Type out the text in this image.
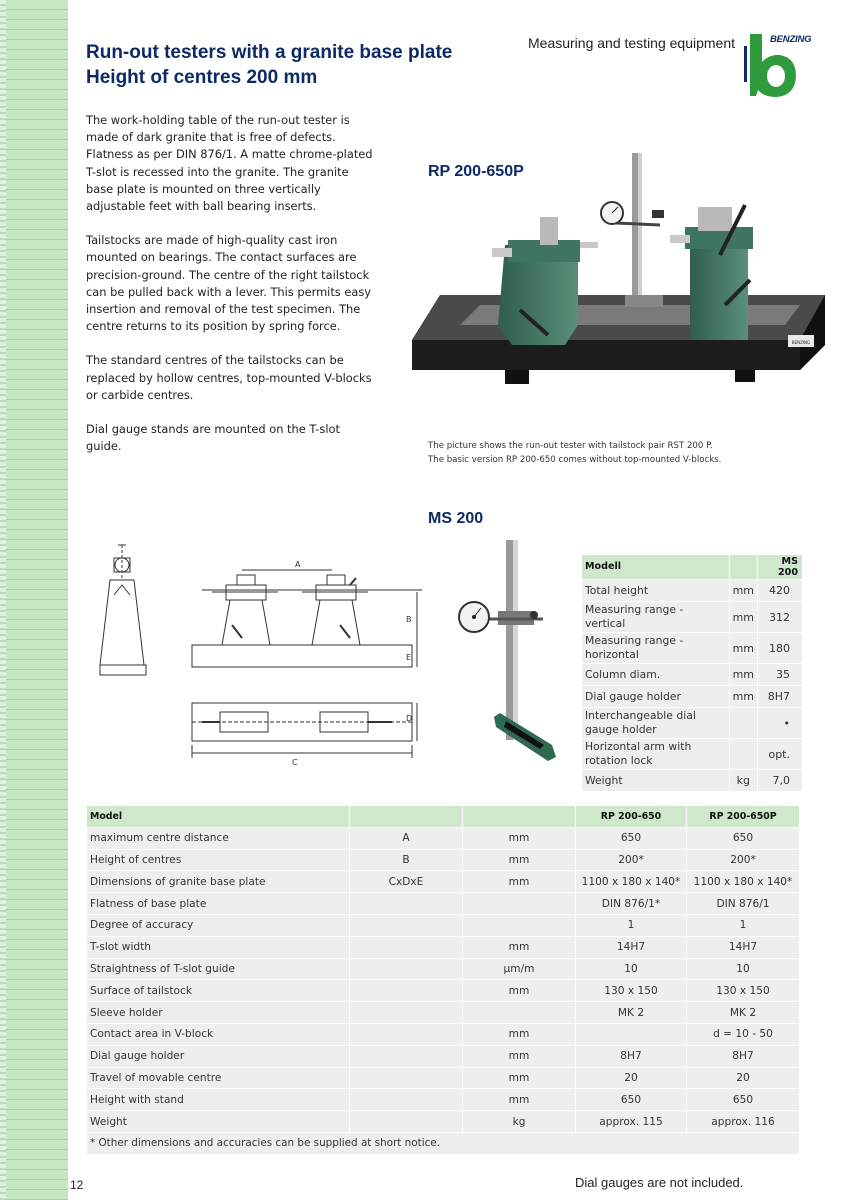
Run-out testers with a granite base plate
Height of centres 200 mm
Measuring and testing equipment	BENZING

The work-holding table of the run-out tester is made of dark granite that is free of defects. Flatness as per DIN 876/1. A matte chrome-plated T-slot is recessed into the granite. The granite base plate is mounted on three vertically adjustable feet with ball bearing inserts.

Tailstocks are made of high-quality cast iron mounted on bearings. The contact surfaces are precision-ground. The centre of the right tailstock can be pulled back with a lever. This permits easy insertion and removal of the test specimen. The centre returns to its position by spring force.

The standard centres of the tailstocks can be replaced by hollow centres, top-mounted V-blocks or carbide centres.

Dial gauge stands are mounted on the T-slot guide.

RP 200-650P
BENZING
The picture shows the run-out tester with tailstock pair RST 200 P.
The basic version RP 200-650 comes without top-mounted V-blocks.
A
B
E
D
C
MS 200
Modell		MS 200
Total height	mm	420
Measuring range - vertical	mm	312
Measuring range - horizontal	mm	180
Column diam.	mm	35
Dial gauge holder	mm	8H7
Interchangeable dial gauge holder		•
Horizontal arm with rotation lock		opt.
Weight	kg	7,0
Model			RP 200-650	RP 200-650P
maximum centre distance	A	mm	650	650
Height of centres	B	mm	200*	200*
Dimensions of granite base plate	CxDxE	mm	1100 x 180 x 140*	1100 x 180 x 140*
Flatness of base plate			DIN 876/1*	DIN 876/1
Degree of accuracy			1	1
T-slot width		mm	14H7	14H7
Straightness of T-slot guide		µm/m	10	10
Surface of tailstock		mm	130 x 150	130 x 150
Sleeve holder			MK 2	MK 2
Contact area in V-block		mm		d = 10 - 50
Dial gauge holder		mm	8H7	8H7
Travel of movable centre		mm	20	20
Height with stand		mm	650	650
Weight		kg	approx. 115	approx. 116
* Other dimensions and accuracies can be supplied at short notice.				
12	Dial gauges are not included.
